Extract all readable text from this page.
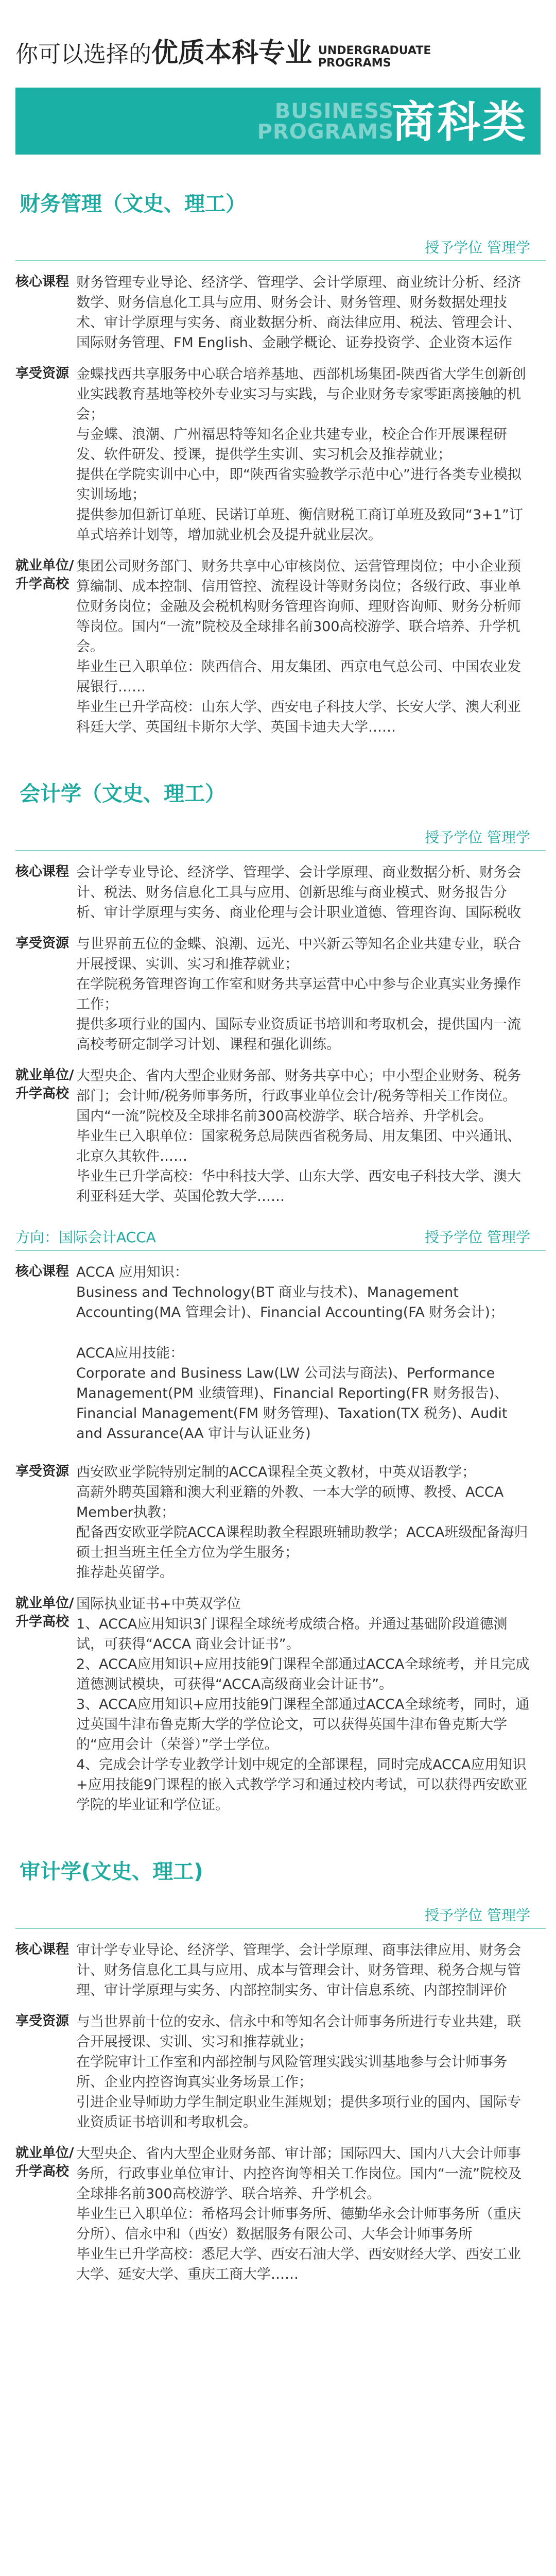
你可以选择的优质本科专业 UNDERGRADUATE
PROGRAMS
BUSINESS
PROGRAMS
商科类
财务管理（文史、理工）
授予学位 管理学
核心课程 财务管理专业导论、经济学、管理学、会计学原理、商业统计分析、经济数学、财务信息化工具与应用、财务会计、财务管理、财务数据处理技术、审计学原理与实务、商业数据分析、商法律应用、税法、管理会计、国际财务管理、FM English、金融学概论、证券投资学、企业资本运作

享受资源 金蝶找西共享服务中心联合培养基地、西部机场集团-陕西省大学生创新创业实践教育基地等校外专业实习与实践，与企业财务专家零距离接触的机会；

与金蝶、浪潮、广州福思特等知名企业共建专业，校企合作开展课程研发、软件研发、授课，提供学生实训、实习机会及推荐就业；

提供在学院实训中心中，即“陕西省实验教学示范中心”进行各类专业模拟实训场地；

提供参加但新订单班、民诺订单班、衡信财税工商订单班及致同“3+1”订单式培养计划等，增加就业机会及提升就业层次。

就业单位/
升学高校

集团公司财务部门、财务共享中心审核岗位、运营管理岗位；中小企业预算编制、成本控制、信用管控、流程设计等财务岗位；各级行政、事业单位财务岗位；金融及会税机构财务管理咨询师、理财咨询师、财务分析师等岗位。国内“一流”院校及全球排名前300高校游学、联合培养、升学机会。

毕业生已入职单位：陕西信合、用友集团、西京电气总公司、中国农业发展银行……

毕业生已升学高校：山东大学、西安电子科技大学、长安大学、澳大利亚科廷大学、英国纽卡斯尔大学、英国卡迪夫大学……

会计学（文史、理工）
授予学位 管理学
核心课程 会计学专业导论、经济学、管理学、会计学原理、商业数据分析、财务会计、税法、财务信息化工具与应用、创新思维与商业模式、财务报告分析、审计学原理与实务、商业伦理与会计职业道德、管理咨询、国际税收

享受资源 与世界前五位的金蝶、浪潮、远光、中兴新云等知名企业共建专业，联合开展授课、实训、实习和推荐就业；

在学院税务管理咨询工作室和财务共享运营中心中参与企业真实业务操作工作；

提供多项行业的国内、国际专业资质证书培训和考取机会，提供国内一流高校考研定制学习计划、课程和强化训练。

就业单位/
升学高校

大型央企、省内大型企业财务部、财务共享中心；中小型企业财务、税务部门；会计师/税务师事务所，行政事业单位会计/税务等相关工作岗位。国内“一流”院校及全球排名前300高校游学、联合培养、升学机会。

毕业生已入职单位：国家税务总局陕西省税务局、用友集团、中兴通讯、北京久其软件……

毕业生已升学高校：华中科技大学、山东大学、西安电子科技大学、澳大利亚科廷大学、英国伦敦大学……

方向：国际会计ACCA	授予学位 管理学
核心课程 ACCA 应用知识：

Business and Technology(BT 商业与技术)、Management Accounting(MA 管理会计)、Financial Accounting(FA 财务会计)；

ACCA应用技能：

Corporate and Business Law(LW 公司法与商法)、Performance Management(PM 业绩管理)、Financial Reporting(FR 财务报告)、Financial Management(FM 财务管理)、Taxation(TX 税务)、Audit and Assurance(AA 审计与认证业务)

享受资源 西安欧亚学院特别定制的ACCA课程全英文教材，中英双语教学；

高薪外聘英国籍和澳大利亚籍的外教、一本大学的硕博、教授、ACCA Member执教；

配备西安欧亚学院ACCA课程助教全程跟班辅助教学；ACCA班级配备海归硕士担当班主任全方位为学生服务；

推荐赴英留学。

就业单位/
升学高校

国际执业证书+中英双学位

1、ACCA应用知识3门课程全球统考成绩合格。并通过基础阶段道德测试，可获得“ACCA 商业会计证书”。

2、ACCA应用知识+应用技能9门课程全部通过ACCA全球统考，并且完成道德测试模块，可获得“ACCA高级商业会计证书”。

3、ACCA应用知识+应用技能9门课程全部通过ACCA全球统考，同时，通过英国牛津布鲁克斯大学的学位论文，可以获得英国牛津布鲁克斯大学的“应用会计（荣誉）”学士学位。

4、完成会计学专业教学计划中规定的全部课程，同时完成ACCA应用知识+应用技能9门课程的嵌入式教学学习和通过校内考试，可以获得西安欧亚学院的毕业证和学位证。

审计学(文史、理工)
授予学位 管理学
核心课程 审计学专业导论、经济学、管理学、会计学原理、商事法律应用、财务会计、财务信息化工具与应用、成本与管理会计、财务管理、税务合规与管理、审计学原理与实务、内部控制实务、审计信息系统、内部控制评价

享受资源 与当世界前十位的安永、信永中和等知名会计师事务所进行专业共建，联合开展授课、实训、实习和推荐就业；

在学院审计工作室和内部控制与风险管理实践实训基地参与会计师事务所、企业内控咨询真实业务场景工作；

引进企业导师助力学生制定职业生涯规划；提供多项行业的国内、国际专业资质证书培训和考取机会。

就业单位/
升学高校

大型央企、省内大型企业财务部、审计部；国际四大、国内八大会计师事务所，行政事业单位审计、内控咨询等相关工作岗位。国内“一流”院校及全球排名前300高校游学、联合培养、升学机会。

毕业生已入职单位：希格玛会计师事务所、德勤华永会计师事务所（重庆分所）、信永中和（西安）数据服务有限公司、大华会计师事务所

毕业生已升学高校：悉尼大学、西安石油大学、西安财经大学、西安工业大学、延安大学、重庆工商大学……
